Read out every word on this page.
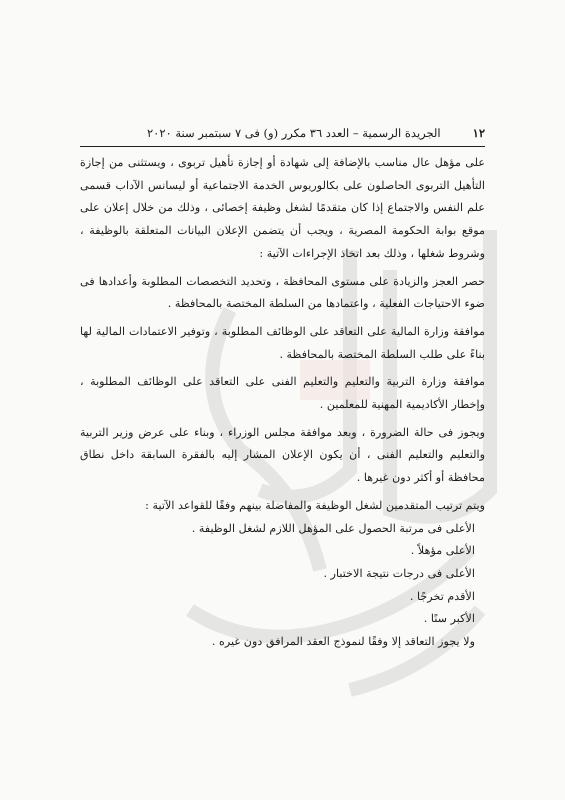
١٢
الجريدة الرسمية – العدد ٣٦ مكرر (و) فى ٧ سبتمبر سنة ٢٠٢٠

على مؤهل عال مناسب بالإضافة إلى شهادة أو إجازة تأهيل تربوى ، ويستثنى من إجازة التأهيل التربوى الحاصلون على بكالوريوس الخدمة الاجتماعية أو ليسانس الآداب قسمى علم النفس والاجتماع إذا كان متقدمًا لشغل وظيفة إخصائى ، وذلك من خلال إعلان على موقع بوابة الحكومة المصرية ، ويجب أن يتضمن الإعلان البيانات المتعلقة بالوظيفة ، وشروط شغلها ، وذلك بعد اتخاذ الإجراءات الآتية :

حصر العجز والزيادة على مستوى المحافظة ، وتحديد التخصصات المطلوبة وأعدادها فى ضوء الاحتياجات الفعلية ، واعتمادها من السلطة المختصة بالمحافظة .

موافقة وزارة المالية على التعاقد على الوظائف المطلوبة ، وتوفير الاعتمادات المالية لها بناءً على طلب السلطة المختصة بالمحافظة .

موافقة وزارة التربية والتعليم والتعليم الفنى على التعاقد على الوظائف المطلوبة ، وإخطار الأكاديمية المهنية للمعلمين .

ويجوز فى حالة الضرورة ، وبعد موافقة مجلس الوزراء ، وبناء على عرض وزير التربية والتعليم والتعليم الفنى ، أن يكون الإعلان المشار إليه بالفقرة السابقة داخل نطاق محافظة أو أكثر دون غيرها .

ويتم ترتيب المتقدمين لشغل الوظيفة والمفاضلة بينهم وفقًا للقواعد الآتية :

الأعلى فى مرتبة الحصول على المؤهل اللازم لشغل الوظيفة .

الأعلى مؤهلاً .

الأعلى فى درجات نتيجة الاختبار .

الأقدم تخرجًا .

الأكبر سنًا .

ولا يجوز التعاقد إلا وفقًا لنموذج العقد المرافق دون غيره .
